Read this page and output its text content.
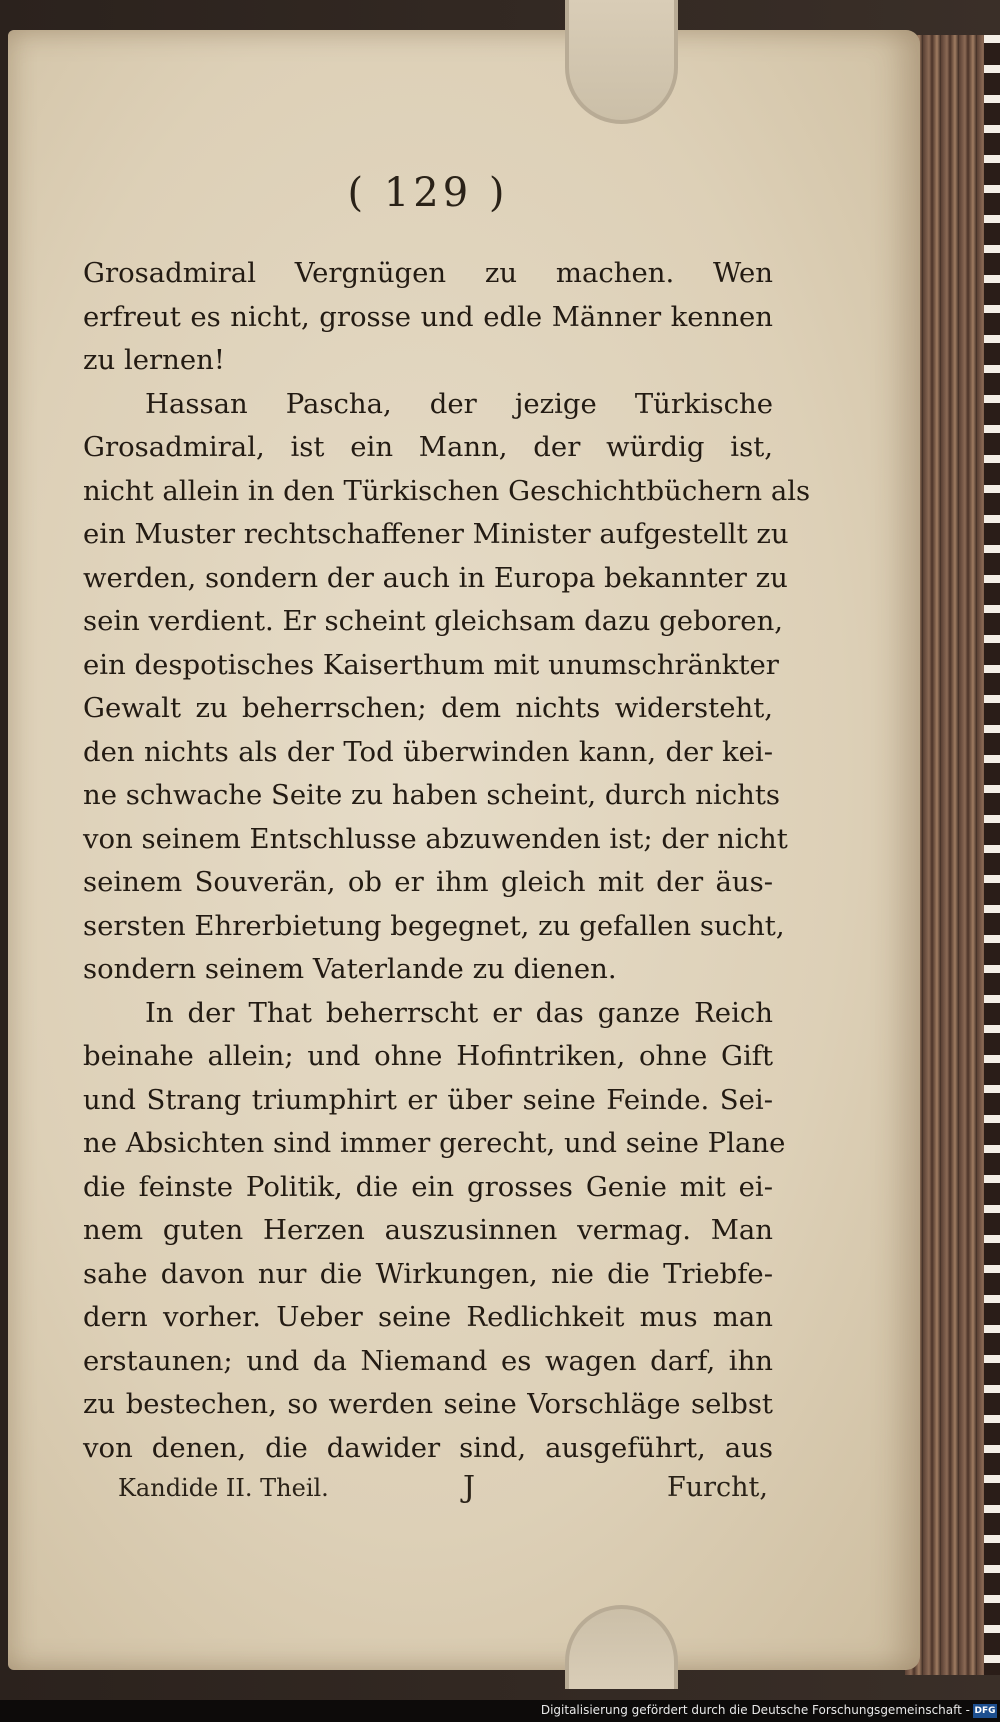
( 129 )
Grosadmiral Vergnügen zu machen. Wen
erfreut es nicht, grosse und edle Männer kennen
zu lernen!
Hassan Pascha, der jezige Türkische
Grosadmiral, ist ein Mann, der würdig ist,
nicht allein in den Türkischen Geschichtbüchern als
ein Muster rechtschaffener Minister aufgestellt zu
werden, sondern der auch in Europa bekannter zu
sein verdient. Er scheint gleichsam dazu geboren,
ein despotisches Kaiserthum mit unumschränkter
Gewalt zu beherrschen; dem nichts widersteht,
den nichts als der Tod überwinden kann, der kei-
ne schwache Seite zu haben scheint, durch nichts
von seinem Entschlusse abzuwenden ist; der nicht
seinem Souverän, ob er ihm gleich mit der äus-
sersten Ehrerbietung begegnet, zu gefallen sucht,
sondern seinem Vaterlande zu dienen.
In der That beherrscht er das ganze Reich
beinahe allein; und ohne Hofintriken, ohne Gift
und Strang triumphirt er über seine Feinde. Sei-
ne Absichten sind immer gerecht, und seine Plane
die feinste Politik, die ein grosses Genie mit ei-
nem guten Herzen auszusinnen vermag. Man
sahe davon nur die Wirkungen, nie die Triebfe-
dern vorher. Ueber seine Redlichkeit mus man
erstaunen; und da Niemand es wagen darf, ihn
zu bestechen, so werden seine Vorschläge selbst
von denen, die dawider sind, ausgeführt, aus
Kandide II. Theil.	J	Furcht,
Digitalisierung gefördert durch die Deutsche Forschungsgemeinschaft - DFG
